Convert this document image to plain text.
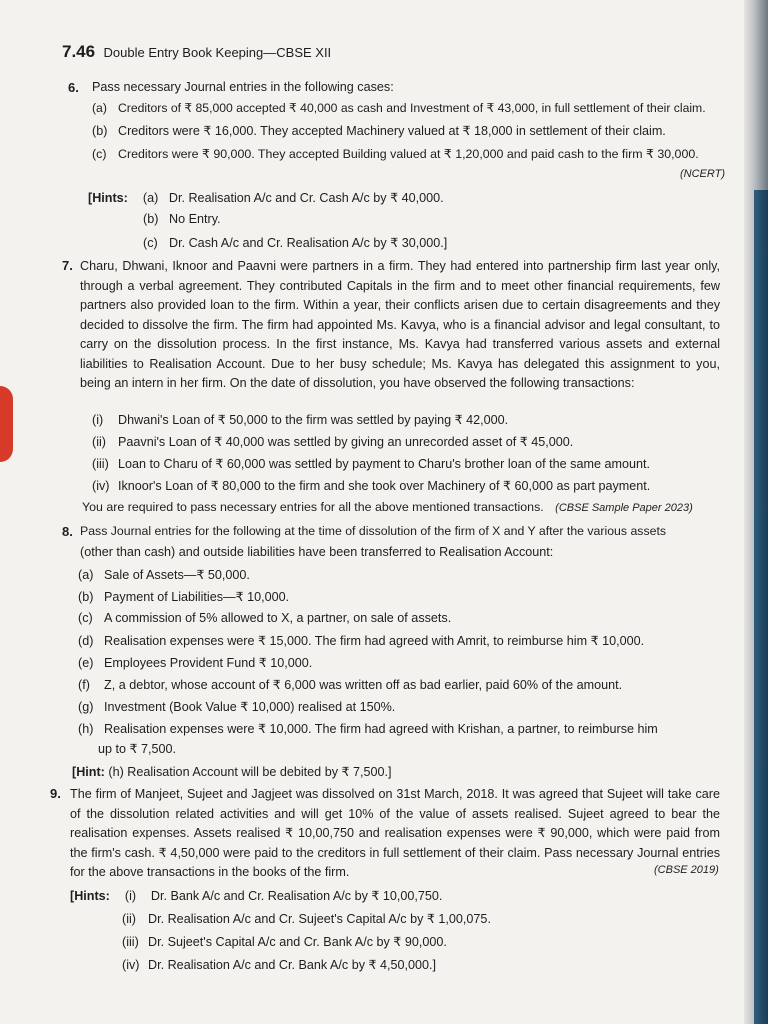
7.46 Double Entry Book Keeping—CBSE XII
6. Pass necessary Journal entries in the following cases:
(a) Creditors of ₹ 85,000 accepted ₹ 40,000 as cash and Investment of ₹ 43,000, in full settlement of their claim.
(b) Creditors were ₹ 16,000. They accepted Machinery valued at ₹ 18,000 in settlement of their claim.
(c) Creditors were ₹ 90,000. They accepted Building valued at ₹ 1,20,000 and paid cash to the firm ₹ 30,000.
(NCERT)
[Hints: (a) Dr. Realisation A/c and Cr. Cash A/c by ₹ 40,000.
(b) No Entry.
(c) Dr. Cash A/c and Cr. Realisation A/c by ₹ 30,000.]
7. Charu, Dhwani, Iknoor and Paavni were partners in a firm. They had entered into partnership firm last year only, through a verbal agreement. They contributed Capitals in the firm and to meet other financial requirements, few partners also provided loan to the firm. Within a year, their conflicts arisen due to certain disagreements and they decided to dissolve the firm. The firm had appointed Ms. Kavya, who is a financial advisor and legal consultant, to carry on the dissolution process. In the first instance, Ms. Kavya had transferred various assets and external liabilities to Realisation Account. Due to her busy schedule; Ms. Kavya has delegated this assignment to you, being an intern in her firm. On the date of dissolution, you have observed the following transactions:
(i) Dhwani's Loan of ₹ 50,000 to the firm was settled by paying ₹ 42,000.
(ii) Paavni's Loan of ₹ 40,000 was settled by giving an unrecorded asset of ₹ 45,000.
(iii) Loan to Charu of ₹ 60,000 was settled by payment to Charu's brother loan of the same amount.
(iv) Iknoor's Loan of ₹ 80,000 to the firm and she took over Machinery of ₹ 60,000 as part payment.
You are required to pass necessary entries for all the above mentioned transactions. (CBSE Sample Paper 2023)
8. Pass Journal entries for the following at the time of dissolution of the firm of X and Y after the various assets
(other than cash) and outside liabilities have been transferred to Realisation Account:
(a) Sale of Assets—₹ 50,000.
(b) Payment of Liabilities—₹ 10,000.
(c) A commission of 5% allowed to X, a partner, on sale of assets.
(d) Realisation expenses were ₹ 15,000. The firm had agreed with Amrit, to reimburse him ₹ 10,000.
(e) Employees Provident Fund ₹ 10,000.
(f) Z, a debtor, whose account of ₹ 6,000 was written off as bad earlier, paid 60% of the amount.
(g) Investment (Book Value ₹ 10,000) realised at 150%.
(h) Realisation expenses were ₹ 10,000. The firm had agreed with Krishan, a partner, to reimburse him
up to ₹ 7,500.
[Hint: (h) Realisation Account will be debited by ₹ 7,500.]
9. The firm of Manjeet, Sujeet and Jagjeet was dissolved on 31st March, 2018. It was agreed that Sujeet will take care of the dissolution related activities and will get 10% of the value of assets realised. Sujeet agreed to bear the realisation expenses. Assets realised ₹ 10,00,750 and realisation expenses were ₹ 90,000, which were paid from the firm's cash. ₹ 4,50,000 were paid to the creditors in full settlement of their claim. Pass necessary Journal entries for the above transactions in the books of the firm.	(CBSE 2019)
[Hints: (i) Dr. Bank A/c and Cr. Realisation A/c by ₹ 10,00,750.
(ii) Dr. Realisation A/c and Cr. Sujeet's Capital A/c by ₹ 1,00,075.
(iii) Dr. Sujeet's Capital A/c and Cr. Bank A/c by ₹ 90,000.
(iv) Dr. Realisation A/c and Cr. Bank A/c by ₹ 4,50,000.]
